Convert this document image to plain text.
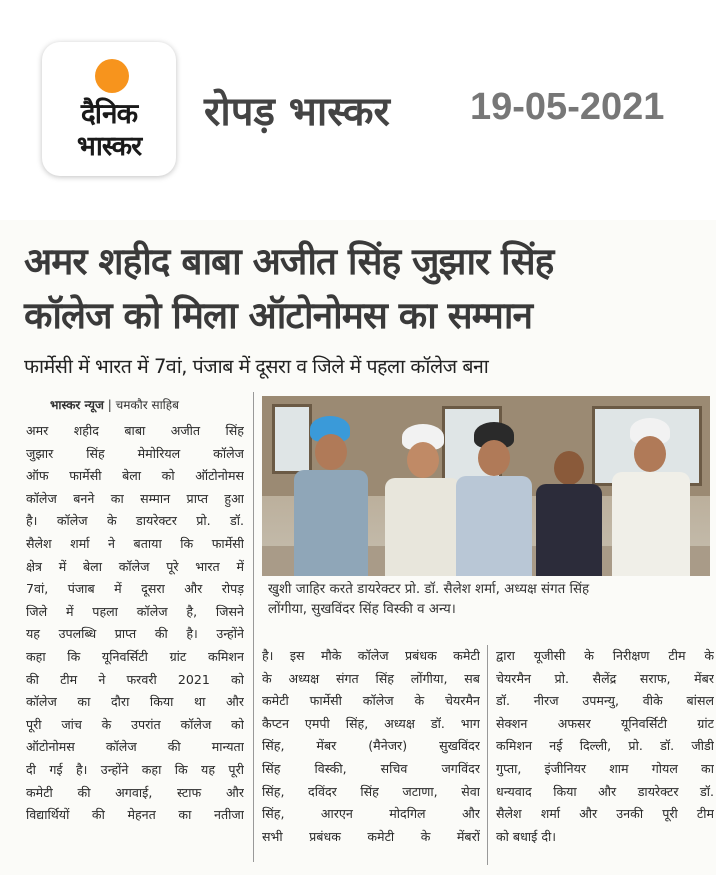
दैनिक
भास्कर
रोपड़ भास्कर 19-05-2021
अमर शहीद बाबा अजीत सिंह जुझार सिंह
कॉलेज को मिला ऑटोनोमस का सम्मान
फार्मेसी में भारत में 7वां, पंजाब में दूसरा व जिले में पहला कॉलेज बना
भास्कर न्यूज | चमकौर साहिब

खुशी जाहिर करते डायरेक्टर प्रो. डॉ. सैलेश शर्मा, अध्यक्ष संगत सिंह

लोंगीया, सुखविंदर सिंह विस्की व अन्य।

अमर शहीद बाबा अजीत सिंह

जुझार सिंह मेमोरियल कॉलेज

ऑफ फार्मेसी बेला को ऑटोनोमस

कॉलेज बनने का सम्मान प्राप्त हुआ

है। कॉलेज के डायरेक्टर प्रो. डॉ.

सैलेश शर्मा ने बताया कि फार्मेसी

क्षेत्र में बेला कॉलेज पूरे भारत में

7वां, पंजाब में दूसरा और रोपड़

जिले में पहला कॉलेज है, जिसने

यह उपलब्धि प्राप्त की है। उन्होंने

कहा कि यूनिवर्सिटी ग्रांट कमिशन

की टीम ने फरवरी 2021 को

कॉलेज का दौरा किया था और

पूरी जांच के उपरांत कॉलेज को

ऑटोनोमस कॉलेज की मान्यता

दी गई है। उन्होंने कहा कि यह पूरी

कमेटी की अगवाई, स्टाफ और

विद्यार्थियों की मेहनत का नतीजा

है। इस मौके कॉलेज प्रबंधक कमेटी

के अध्यक्ष संगत सिंह लोंगीया, सब

कमेटी फार्मेसी कॉलेज के चेयरमैन

कैप्टन एमपी सिंह, अध्यक्ष डॉ. भाग

सिंह, मेंबर (मैनेजर) सुखविंदर

सिंह विस्की, सचिव जगविंदर

सिंह, दविंदर सिंह जटाणा, सेवा

सिंह, आरएन मोदगिल और

सभी प्रबंधक कमेटी के मेंबरों

द्वारा यूजीसी के निरीक्षण टीम के

चेयरमैन प्रो. सैलेंद्र सराफ, मेंबर

डॉ. नीरज उपमन्यु, वीके बांसल

सेक्शन अफसर यूनिवर्सिटी ग्रांट

कमिशन नई दिल्ली, प्रो. डॉ. जीडी

गुप्ता, इंजीनियर शाम गोयल का

धन्यवाद किया और डायरेक्टर डॉ.

सैलेश शर्मा और उनकी पूरी टीम

को बधाई दी।
